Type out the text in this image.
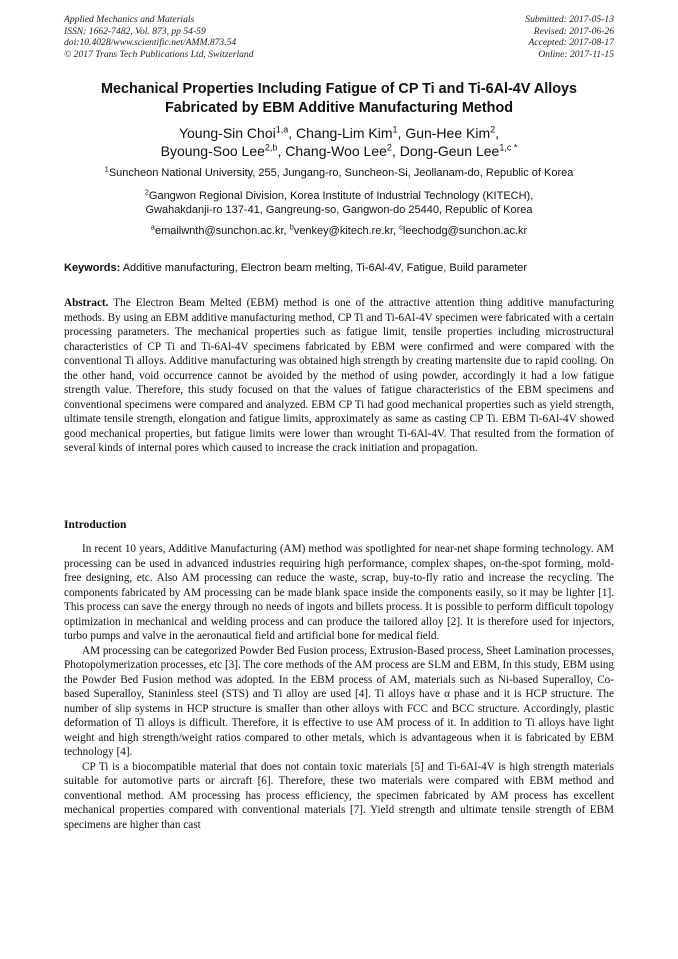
Applied Mechanics and Materials
ISSN: 1662-7482, Vol. 873, pp 54-59
doi:10.4028/www.scientific.net/AMM.873.54
© 2017 Trans Tech Publications Ltd, Switzerland
Submitted: 2017-05-13
Revised: 2017-06-26
Accepted: 2017-08-17
Online: 2017-11-15
Mechanical Properties Including Fatigue of CP Ti and Ti-6Al-4V Alloys
Fabricated by EBM Additive Manufacturing Method
Young-Sin Choi$^{1,a}$, Chang-Lim Kim$^1$, Gun-Hee Kim$^2$,
Byoung-Soo Lee$^{2,b}$, Chang-Woo Lee$^2$, Dong-Geun Lee$^{1,c *}$
$^1$Suncheon National University, 255, Jungang-ro, Suncheon-Si, Jeollanam-do, Republic of Korea
$^2$Gangwon Regional Division, Korea Institute of Industrial Technology (KITECH),
Gwahakdanji-ro 137-41, Gangreung-so, Gangwon-do 25440, Republic of Korea
$^a$emailwnth@sunchon.ac.kr, $^b$venkey@kitech.re.kr, $^c$leechodg@sunchon.ac.kr
Keywords: Additive manufacturing, Electron beam melting, Ti-6Al-4V, Fatigue, Build parameter
Abstract. The Electron Beam Melted (EBM) method is one of the attractive attention thing additive manufacturing methods. By using an EBM additive manufacturing method, CP Ti and Ti-6Al-4V specimen were fabricated with a certain processing parameters. The mechanical properties such as fatigue limit, tensile properties including microstructural characteristics of CP Ti and Ti-6Al-4V specimens fabricated by EBM were confirmed and were compared with the conventional Ti alloys. Additive manufacturing was obtained high strength by creating martensite due to rapid cooling. On the other hand, void occurrence cannot be avoided by the method of using powder, accordingly it had a low fatigue strength value. Therefore, this study focused on that the values of fatigue characteristics of the EBM specimens and conventional specimens were compared and analyzed. EBM CP Ti had good mechanical properties such as yield strength, ultimate tensile strength, elongation and fatigue limits, approximately as same as casting CP Ti. EBM Ti-6Al-4V showed good mechanical properties, but fatigue limits were lower than wrought Ti-6Al-4V. That resulted from the formation of several kinds of internal pores which caused to increase the crack initiation and propagation.
Introduction

In recent 10 years, Additive Manufacturing (AM) method was spotlighted for near-net shape forming technology. AM processing can be used in advanced industries requiring high performance, complex shapes, on-the-spot forming, mold-free designing, etc. Also AM processing can reduce the waste, scrap, buy-to-fly ratio and increase the recycling. The components fabricated by AM processing can be made blank space inside the components easily, so it may be lighter [1]. This process can save the energy through no needs of ingots and billets process. It is possible to perform difficult topology optimization in mechanical and welding process and can produce the tailored alloy [2]. It is therefore used for injectors, turbo pumps and valve in the aeronautical field and artificial bone for medical field.

AM processing can be categorized Powder Bed Fusion process, Extrusion-Based process, Sheet Lamination processes, Photopolymerization processes, etc [3]. The core methods of the AM process are SLM and EBM, In this study, EBM using the Powder Bed Fusion method was adopted. In the EBM process of AM, materials such as Ni-based Superalloy, Co-based Superalloy, Staninless steel (STS) and Ti alloy are used [4]. Ti alloys have α phase and it is HCP structure. The number of slip systems in HCP structure is smaller than other alloys with FCC and BCC structure. Accordingly, plastic deformation of Ti alloys is difficult. Therefore, it is effective to use AM process of it. In addition to Ti alloys have light weight and high strength/weight ratios compared to other metals, which is advantageous when it is fabricated by EBM technology [4].

CP Ti is a biocompatible material that does not contain toxic materials [5] and Ti-6Al-4V is high strength materials suitable for automotive parts or aircraft [6]. Therefore, these two materials were compared with EBM method and conventional method. AM processing has process efficiency, the specimen fabricated by AM process has excellent mechanical properties compared with conventional materials [7]. Yield strength and ultimate tensile strength of EBM specimens are higher than cast
